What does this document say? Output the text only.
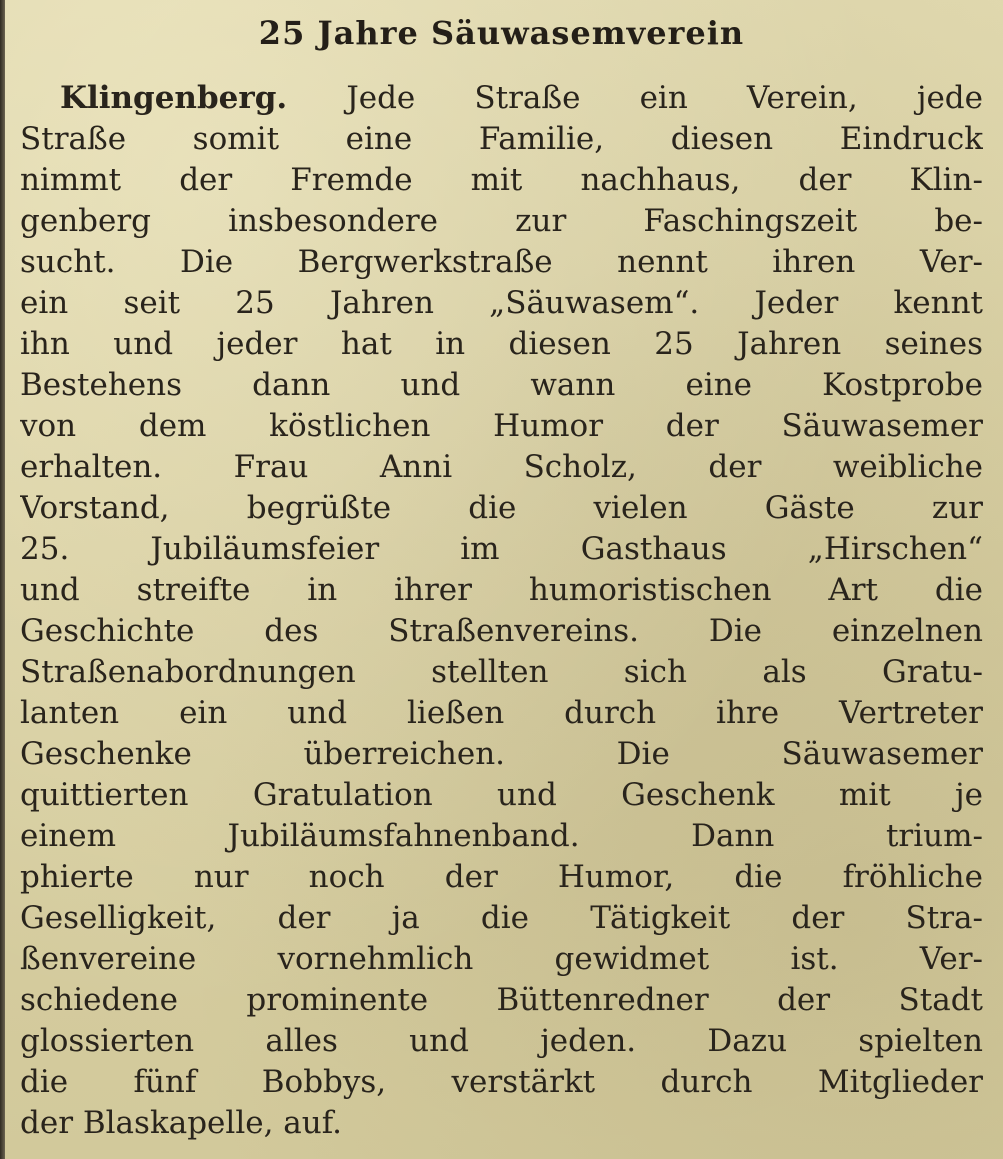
25 Jahre Säuwasemverein
Klingenberg. Jede Straße ein Verein, jede
Straße somit eine Familie, diesen Eindruck
nimmt der Fremde mit nachhaus, der Klin-
genberg insbesondere zur Faschingszeit be-
sucht. Die Bergwerkstraße nennt ihren Ver-
ein seit 25 Jahren „Säuwasem“. Jeder kennt
ihn und jeder hat in diesen 25 Jahren seines
Bestehens dann und wann eine Kostprobe
von dem köstlichen Humor der Säuwasemer
erhalten. Frau Anni Scholz, der weibliche
Vorstand, begrüßte die vielen Gäste zur
25. Jubiläumsfeier im Gasthaus „Hirschen“
und streifte in ihrer humoristischen Art die
Geschichte des Straßenvereins. Die einzelnen
Straßenabordnungen stellten sich als Gratu-
lanten ein und ließen durch ihre Vertreter
Geschenke überreichen. Die Säuwasemer
quittierten Gratulation und Geschenk mit je
einem Jubiläumsfahnenband. Dann trium-
phierte nur noch der Humor, die fröhliche
Geselligkeit, der ja die Tätigkeit der Stra-
ßenvereine vornehmlich gewidmet ist. Ver-
schiedene prominente Büttenredner der Stadt
glossierten alles und jeden. Dazu spielten
die fünf Bobbys, verstärkt durch Mitglieder
der Blaskapelle, auf.
